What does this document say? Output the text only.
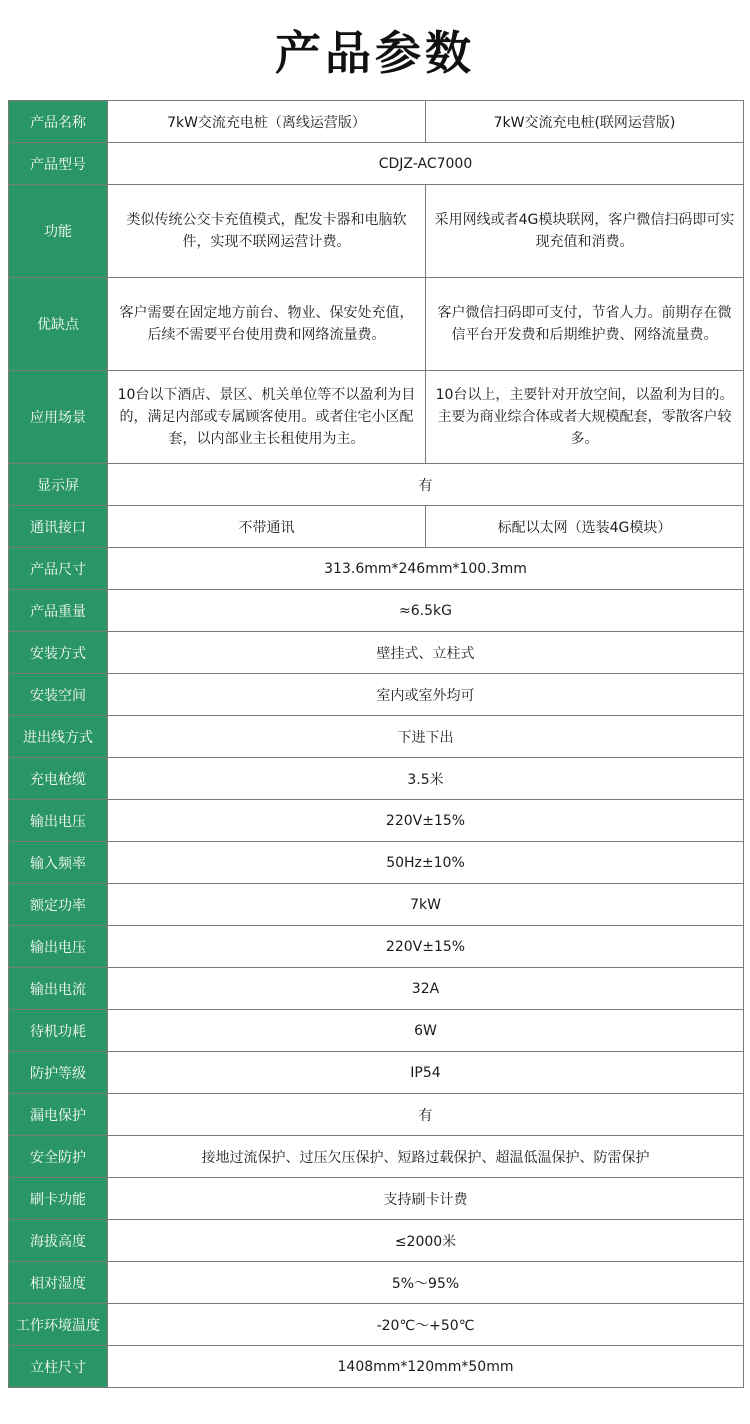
产品参数
产品名称	7kW交流充电桩（离线运营版）	7kW交流充电桩(联网运营版)
产品型号	CDJZ-AC7000	
功能	类似传统公交卡充值模式，配发卡器和电脑软件，实现不联网运营计费。	采用网线或者4G模块联网，客户微信扫码即可实现充值和消费。
优缺点	客户需要在固定地方前台、物业、保安处充值，后续不需要平台使用费和网络流量费。	客户微信扫码即可支付，节省人力。前期存在微信平台开发费和后期维护费、网络流量费。
应用场景	10台以下酒店、景区、机关单位等不以盈利为目的，满足内部或专属顾客使用。或者住宅小区配套，以内部业主长租使用为主。	10台以上，主要针对开放空间，以盈利为目的。主要为商业综合体或者大规模配套，零散客户较多。
显示屏	有	
通讯接口	不带通讯	标配以太网（选装4G模块）
产品尺寸	313.6mm*246mm*100.3mm	
产品重量	≈6.5kG	
安装方式	壁挂式、立柱式	
安装空间	室内或室外均可	
进出线方式	下进下出	
充电枪缆	3.5米	
输出电压	220V±15%	
输入频率	50Hz±10%	
额定功率	7kW	
输出电压	220V±15%	
输出电流	32A	
待机功耗	6W	
防护等级	IP54	
漏电保护	有	
安全防护	接地过流保护、过压欠压保护、短路过载保护、超温低温保护、防雷保护	
刷卡功能	支持刷卡计费	
海拔高度	≤2000米	
相对湿度	5%～95%	
工作环境温度	-20℃～+50℃	
立柱尺寸	1408mm*120mm*50mm	
